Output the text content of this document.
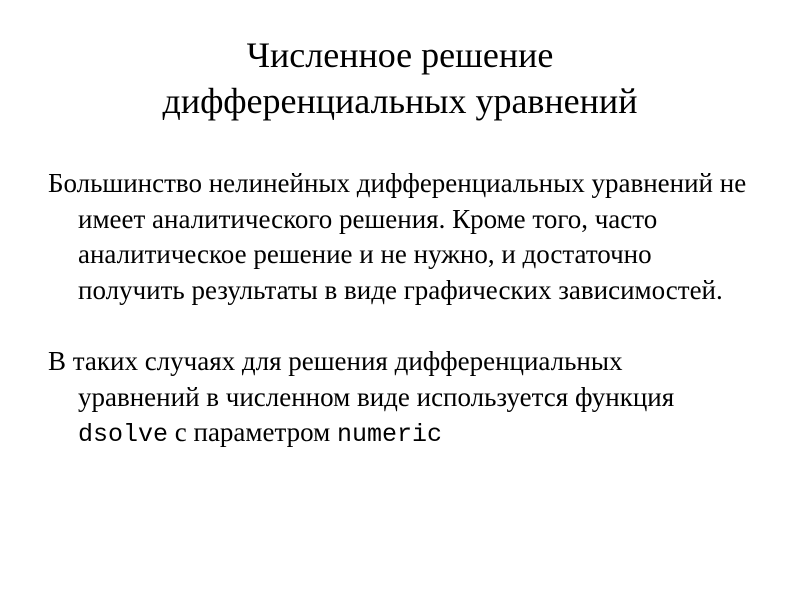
Численное решение
дифференциальных уравнений

Большинство нелинейных дифференциальных уравнений не имеет аналитического решения. Кроме того, часто аналитическое решение и не нужно, и достаточно получить результаты в виде графических зависимостей.

В таких случаях для решения дифференциальных уравнений в численном виде используется функция dsolve с параметром numeric
